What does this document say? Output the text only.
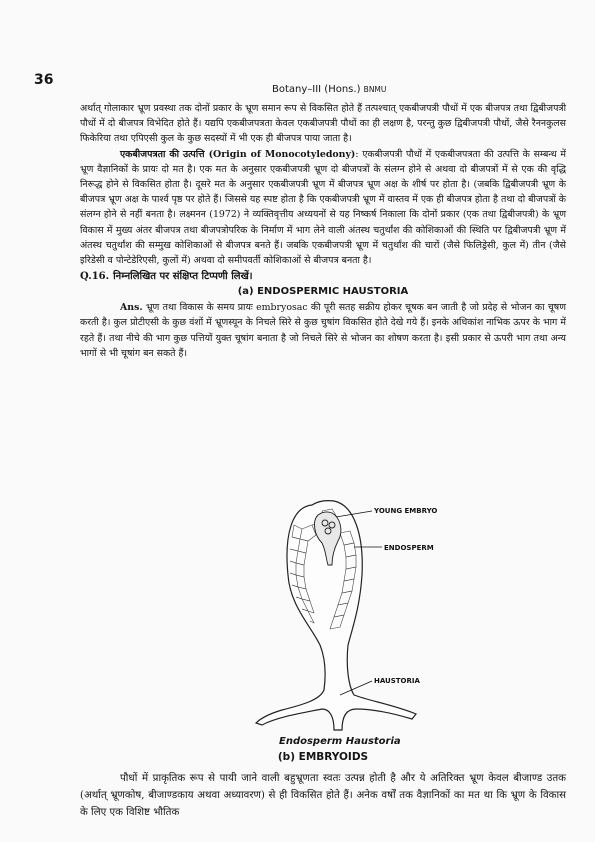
36
Botany–III (Hons.) BNMU

अर्थात् गोलाकार भ्रूण प्रवस्था तक दोनों प्रकार के भ्रूण समान रूप से विकसित होते हैं तत्पश्चात् एकबीजपत्री पौधों में एक बीजपत्र तथा द्विबीजपत्री पौधों में दो बीजपत्र विभेदित होते हैं। यद्यपि एकबीजपत्रता केवल एकबीजपत्री पौधों का ही लक्षण है, परन्तु कुछ द्विबीजपत्री पौधों, जैसे रैननकुलस फिकेरिया तथा एपिएसी कुल के कुछ सदस्यों में भी एक ही बीजपत्र पाया जाता है।

एकबीजपत्रता की उत्पत्ति (Origin of Monocotyledony): एकबीजपत्री पौधों में एकबीजपत्रता की उत्पत्ति के सम्बन्ध में भ्रूण वैज्ञानिकों के प्रायः दो मत है। एक मत के अनुसार एकबीजपत्री भ्रूण दो बीजपत्रों के संलग्न होने से अथवा दो बीजपत्रों में से एक की वृद्धि निरूद्ध होने से विकसित होता है। दूसरे मत के अनुसार एकबीजपत्री भ्रूण में बीजपत्र भ्रूण अक्ष के शीर्ष पर होता है। (जबकि द्विबीजपत्री भ्रूण के बीजपत्र भ्रूण अक्ष के पार्श्व पृष्ठ पर होते हैं। जिससे यह स्पष्ट होता है कि एकबीजपत्री भ्रूण में वास्तव में एक ही बीजपत्र होता है तथा दो बीजपत्रों के संलग्न होने से नहीं बनता है। लक्ष्मनन (1972) ने व्यक्तिवृत्तीय अध्ययनों से यह निष्कर्ष निकाला कि दोनों प्रकार (एक तथा द्विबीजपत्री) के भ्रूण विकास में मुख्य अंतर बीजपत्र तथा बीजपत्रोपरिक के निर्माण में भाग लेने वाली अंतस्थ चतुर्थांश की कोशिकाओं की स्थिति पर द्विबीजपत्री भ्रूण में अंतस्थ चतुर्थांश की सम्मुख कोशिकाओं से बीजपत्र बनते हैं। जबकि एकबीजपत्री भ्रूण में चतुर्थांश की चारों (जैसे फिलिड्रेसी, कुल में) तीन (जैसे इरिडेसी व पोन्टेडेरिएसी, कुलों में) अथवा दो समीपवर्ती कोशिकाओं से बीजपत्र बनता है।

Q.16. निम्नलिखित पर संक्षिप्त टिप्पणी लिखें।

(a) ENDOSPERMIC HAUSTORIA

Ans. भ्रूण तथा विकास के समय प्रायः embryosac की पूरी सतह सक्रीय होकर चूषक बन जाती है जो प्रदेह से भोजन का चूषण करती है। कुल प्रोटीएसी के कुछ वंशों में भ्रूणस्यून के निचले सिरे से कुछ चुषांग विकसित होते देखे गये हैं। इनके अधिकांश नाभिक ऊपर के भाग में रहते हैं। तथा नीचे की भाग कुछ पत्तियों युक्त चूषांग बनाता है जो निचले सिरे से भोजन का शोषण करता है। इसी प्रकार से ऊपरी भाग तथा अन्य भागों से भी चूषांग बन सकते हैं।

YOUNG EMBRYO
ENDOSPERM
HAUSTORIA
Endosperm Haustoria
(b) EMBRYOIDS

पौधों में प्राकृतिक रूप से पायी जाने वाली बहुभ्रूणता स्वतः उत्पन्न होती है और ये अतिरिक्त भ्रूण केवल बीजाण्ड उतक (अर्थात् भ्रूणकोष, बीजाण्डकाय अथवा अध्यावरण) से ही विकसित होते हैं। अनेक वर्षों तक वैज्ञानिकों का मत था कि भ्रूण के विकास के लिए एक विशिष्ट भौतिक
